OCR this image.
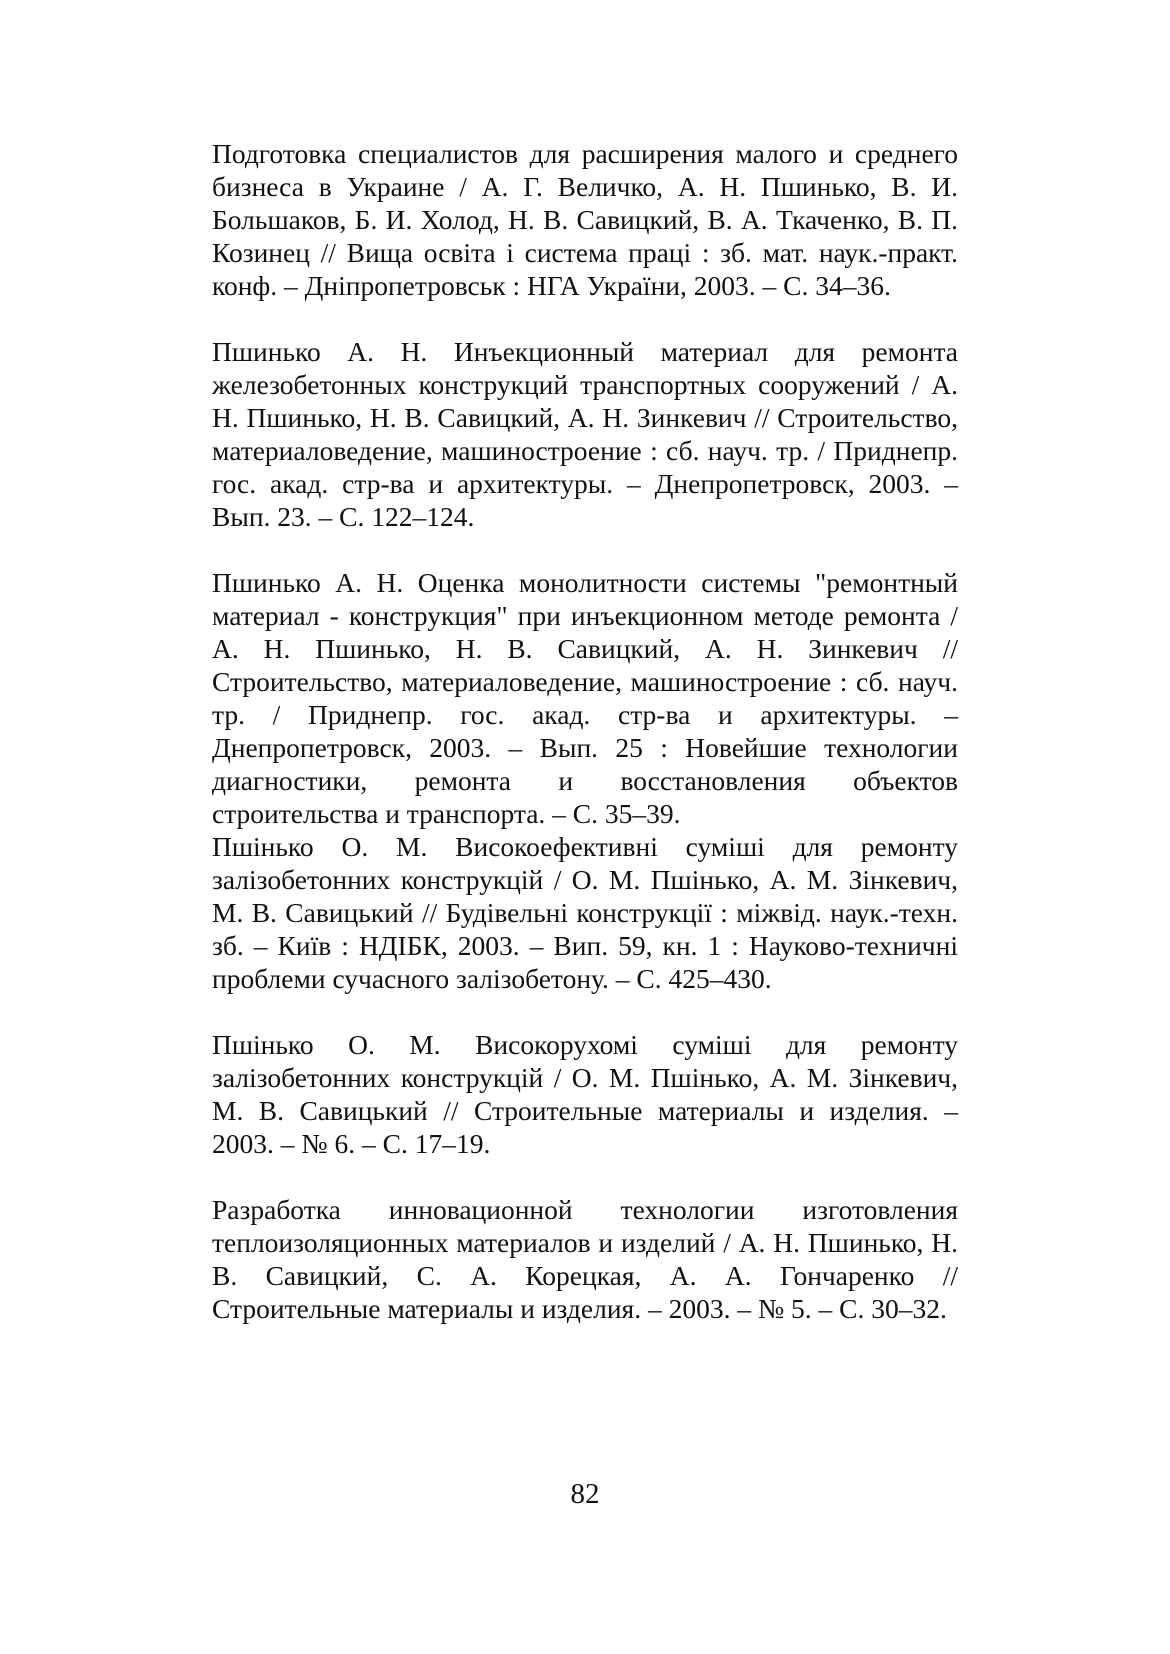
Подготовка специалистов для расширения малого и среднего бизнеса в Украине / А. Г. Величко, А. Н. Пшинько, В. И. Большаков, Б. И. Холод, Н. В. Савицкий, В. А. Ткаченко, В. П. Козинец // Вища освіта і система праці : зб. мат. наук.-практ. конф. – Дніпропетровськ : НГА України, 2003. – С. 34–36.

Пшинько А. Н. Инъекционный материал для ремонта железобетонных конструкций транспортных сооружений / А. Н. Пшинько, Н. В. Савицкий, А. Н. Зинкевич // Строительство, материаловедение, машиностроение : сб. науч. тр. / Приднепр. гос. акад. стр-ва и архитектуры. – Днепропетровск, 2003. – Вып. 23. – С. 122–124.

Пшинько А. Н. Оценка монолитности системы "ремонтный материал - конструкция" при инъекционном методе ремонта / А. Н. Пшинько, Н. В. Савицкий, А. Н. Зинкевич // Строительство, материаловедение, машиностроение : сб. науч. тр. / Приднепр. гос. акад. стр-ва и архитектуры. – Днепропетровск, 2003. – Вып. 25 : Новейшие технологии диагностики, ремонта и восстановления объектов строительства и транспорта. – С. 35–39.

Пшінько О. М. Високоефективні суміші для ремонту залізобетонних конструкцій / О. М. Пшінько, А. М. Зінкевич, М. В. Савицький // Будівельні конструкції : міжвід. наук.-техн. зб. – Київ : НДІБК, 2003. – Вип. 59, кн. 1 : Науково-техничні проблеми сучасного залізобетону. – С. 425–430.

Пшінько О. М. Високорухомі суміші для ремонту залізобетонних конструкцій / О. М. Пшінько, А. М. Зінкевич, М. В. Савицький // Строительные материалы и изделия. – 2003. – № 6. – С. 17–19.

Разработка инновационной технологии изготовления теплоизоляционных материалов и изделий / А. Н. Пшинько, Н. В. Савицкий, С. А. Корецкая, А. А. Гончаренко // Строительные материалы и изделия. – 2003. – № 5. – С. 30–32.

82
